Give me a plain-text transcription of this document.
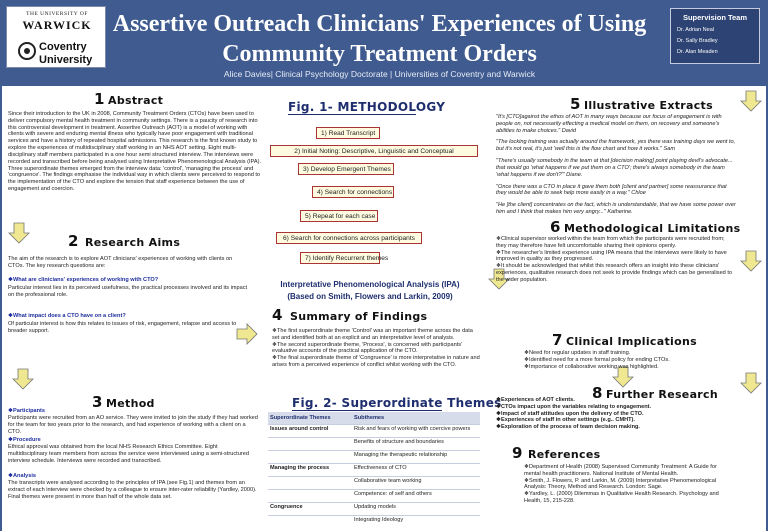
THE UNIVERSITY OF
WARWICK
Coventry
University
Assertive Outreach Clinicians' Experiences of Using
Community Treatment Orders
Alice Davies| Clinical Psychology Doctorate | Universities of Coventry and Warwick
Supervision Team
Dr. Adrian Neal
Dr. Sally Bradley
Dr. Alan Meaden
1 Abstract
Since their introduction to the UK in 2008, Community Treatment Orders (CTOs) have been used to deliver compulsory mental health treatment in community settings. There is a paucity of research into this controversial development in treatment. Assertive Outreach (AOT) is a model of working with clients with severe and enduring mental illness who typically have poor engagement with traditional services and have a history of repeated hospital admissions. This research is the first known study to explore the experiences of multidisciplinary staff working in an NHS AOT setting. Eight multi-disciplinary staff members participated in a one hour semi structured interview. The interviews were recorded and transcribed before being analysed using Interpretative Phenomenological Analysis (IPA). Three superordinate themes emerged from the interview data: 'control', 'managing the process' and 'congruence'. The findings emphasise the individual way in which clients were perceived to respond to the implementation of the CTO and explore the tension that staff experience between the use of engagement and coercion.
Fig. 1- METHODOLOGY
1) Read Transcript
2) Initial Noting: Descriptive, Linguistic and Conceptual
3) Develop Emergent Themes
4) Search for connections
5) Repeat for each case
6) Search for connections across participants
7) Identify Recurrent themes
Interpretative Phenomenological Analysis (IPA)
(Based on Smith, Flowers and Larkin, 2009)
2 Research Aims
The aim of the research is to explore AOT clinicians' experiences of working with clients on CTOs. The key research questions are:
❖What are clinicians' experiences of working with CTO?
Particular interest lies in its perceived usefulness, the practical processes involved and its impact on the professional role.
❖What impact does a CTO have on a client?
Of particular interest is how this relates to issues of risk, engagement, relapse and access to breader support.
3 Method
❖Participants
Participants were recruited from an AO service. They were invited to join the study if they had worked for the team for two years prior to the research, and had experience of working with a client on a CTO.
❖Procedure
Ethical approval was obtained from the local NHS Research Ethics Committee. Eight multidisciplinary team members from across the service were interviewed using a semi-structured interview schedule. Interviews were recorded and transcribed.
❖Analysis
The transcripts were analysed according to the principles of IPA (see Fig.1) and themes from an extract of each interview were checked by a colleague to ensure inter-rater reliability (Yardley, 2000). Final themes were present in more than half of the whole data set.
4 Summary of Findings
❖The first superordinate theme 'Control' was an important theme across the data set and identified both at an explicit and an interpretative level of analysis.
❖The second superordinate theme, 'Process', is concerned with participants' evaluative accounts of the practical application of the CTO.
❖The final superordinate theme of 'Congruence' is more interpretative in nature and arises from a perceived experience of conflict whilst working with the CTO.
Fig. 2- Superordinate Themes
Superordinate Themes	Subthemes
Issues around control	Risk and fears of working with coercive powers
	Benefits of structure and boundaries
	Managing the therapeutic relationship
Managing the process	Effectiveness of CTO
	Collaborative team working
	Competence: of self and others
Congruence	Updating models
	Integrating Ideology
5 Illustrative Extracts
"It's [CTO]against the ethos of AOT in many ways because our focus of engagement is with people on, not necessarily effecting a medical model on them, on recovery and someone's abilities to make choices." David
"The locking training was actually around the framework, yes there was training days we went to, but it's not real, it's just 'well this is the flow chart and how it works." Sam
"There's usually somebody in the team at that [decision making] point playing devil's advocate... that would go 'what happens if we put them on a CTO'; there's always somebody in the team 'what happens if we don't?'" Diane.
"Once there was a CTO in place it gave them both [client and partner] some reassurance that they would be able to seek help more easily in a way." Chloe
"He [the client] concentrates on the fact, which is understandable, that we have some power over him and I think that makes him very angry..." Katherine.
6 Methodological Limitations
❖Clinical supervisor worked within the team from which the participants were recruited from; they may therefore have felt uncomfortable sharing their opinions openly.
❖The researcher's limited experience using IPA means that the interviews were likely to have improved in quality as they progressed.
❖It should be acknowledged that whilst this research offers an insight into these clinicians' experiences, qualitative research does not seek to provide findings which can be generalised to the wider population.
7 Clinical Implications
❖Need for regular updates in staff training.
❖Identified need for a more formal policy for ending CTOs.
❖Importance of collaborative working was highlighted.
8 Further Research
❖Experiences of AOT clients.
❖CTOs impact upon the variables relating to engagement.
❖Impact of staff attitudes upon the delivery of the CTO.
❖Experiences of staff in other settings (e.g.. CMHT).
❖Exploration of the process of team decision making.
9 References
❖Department of Health (2008) Supervised Community Treatment: A Guide for mental health practitioners. National Institute of Mental Health.
❖Smith, J. Flowers, P. and Larkin, M. (2009) Interpretative Phenomenological Analysis: Theory, Method and Research. London: Sage.
❖Yardley, L. (2000) Dilemmas in Qualitative Health Research. Psychology and Health, 15, 215-228.
